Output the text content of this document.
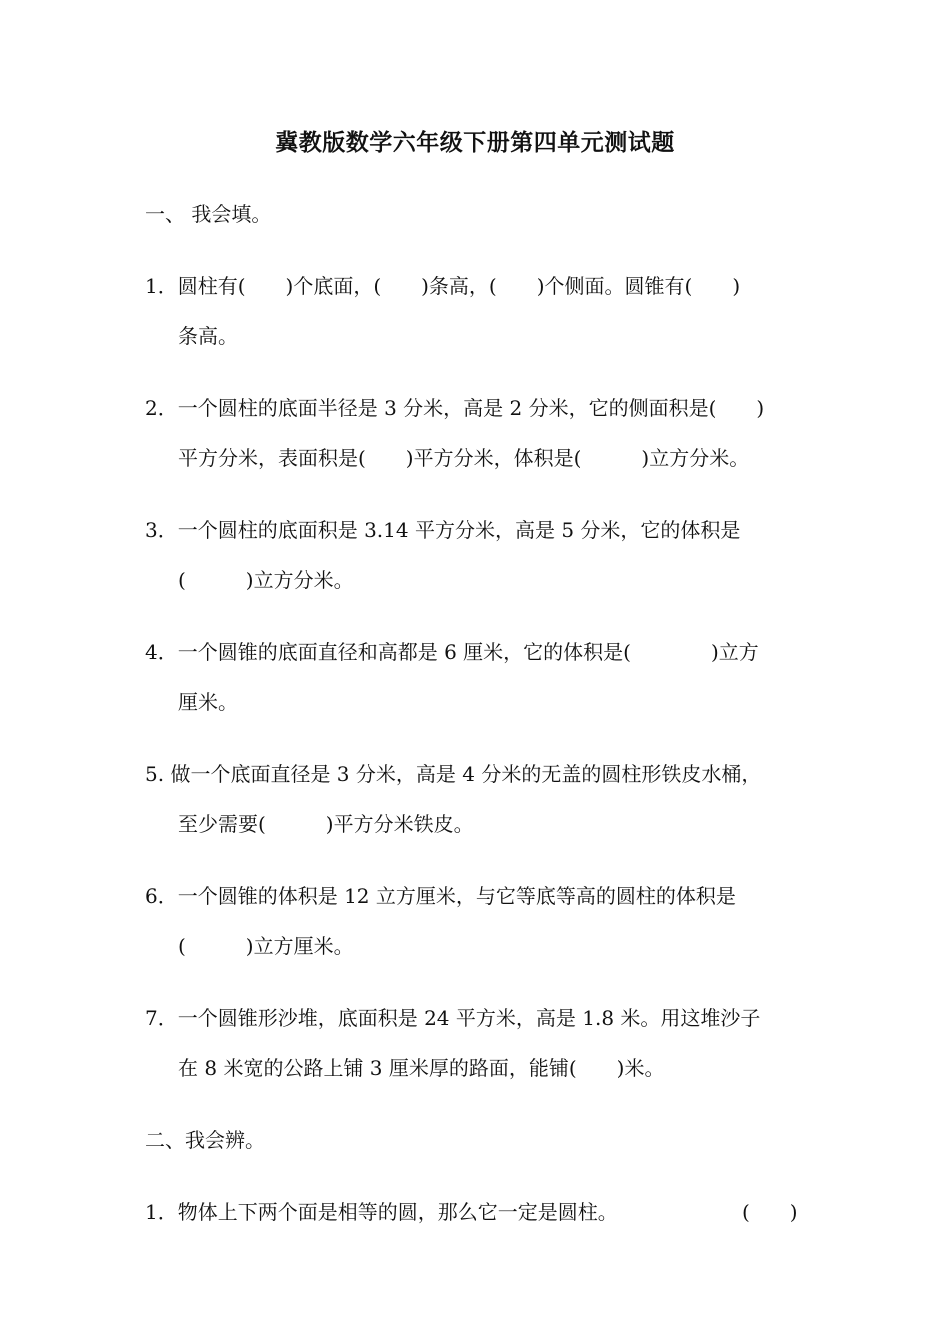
冀教版数学六年级下册第四单元测试题
一、 我会填。
1．圆柱有(　　)个底面，(　　)条高，(　　)个侧面。圆锥有(　　)
条高。
2．一个圆柱的底面半径是 3 分米，高是 2 分米，它的侧面积是(　　)
平方分米，表面积是(　　)平方分米，体积是(　　　)立方分米。
3．一个圆柱的底面积是 3.14 平方分米，高是 5 分米，它的体积是
(　　　)立方分米。
4．一个圆锥的底面直径和高都是 6 厘米，它的体积是(　　　　)立方
厘米。
5. 做一个底面直径是 3 分米，高是 4 分米的无盖的圆柱形铁皮水桶，
至少需要(　　　)平方分米铁皮。
6．一个圆锥的体积是 12 立方厘米，与它等底等高的圆柱的体积是
(　　　)立方厘米。
7．一个圆锥形沙堆，底面积是 24 平方米，高是 1.8 米。用这堆沙子
在 8 米宽的公路上铺 3 厘米厚的路面，能铺(　　)米。
二、我会辨。
1．物体上下两个面是相等的圆，那么它一定是圆柱。	(　　)
